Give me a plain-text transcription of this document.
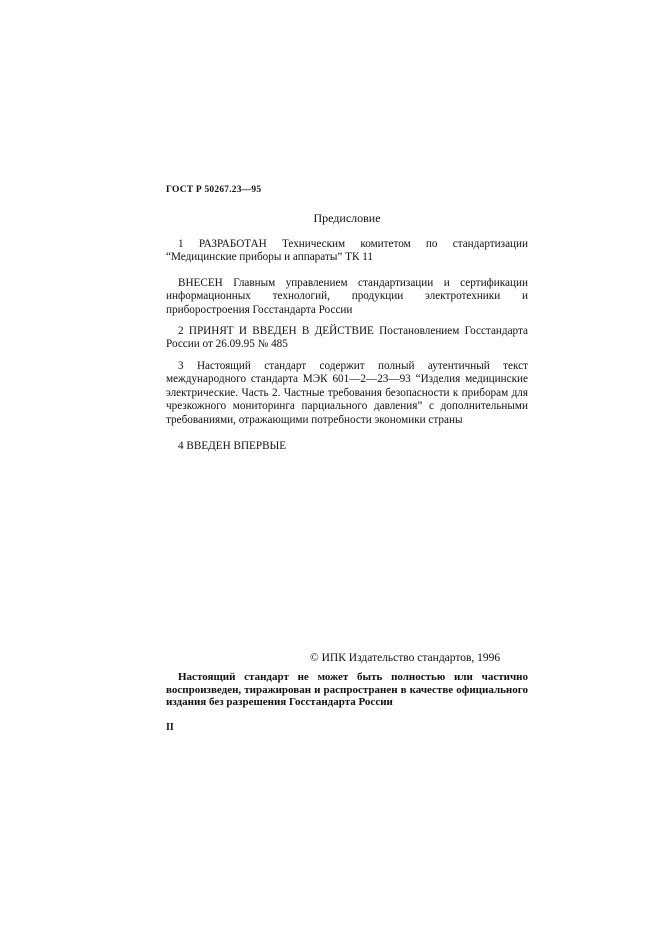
ГОСТ Р 50267.23—95
Предисловие
1 РАЗРАБОТАН Техническим комитетом по стандартизации “Медицинские приборы и аппараты” ТК 11
ВНЕСЕН Главным управлением стандартизации и сертификации информационных технологий, продукции электротехники и приборостроения Госстандарта России
2 ПРИНЯТ И ВВЕДЕН В ДЕЙСТВИЕ Постановлением Госстандарта России от 26.09.95 № 485
3 Настоящий стандарт содержит полный аутентичный текст международного стандарта МЭК 601—2—23—93 “Изделия медицинские электрические. Часть 2. Частные требования безопасности к приборам для чрезкожного мониторинга парциального давления” с дополнительными требованиями, отражающими потребности экономики страны
4 ВВЕДЕН ВПЕРВЫЕ
© ИПК Издательство стандартов, 1996
Настоящий стандарт не может быть полностью или частично воспроизведен, тиражирован и распространен в качестве официального издания без разрешения Госстандарта России
II
